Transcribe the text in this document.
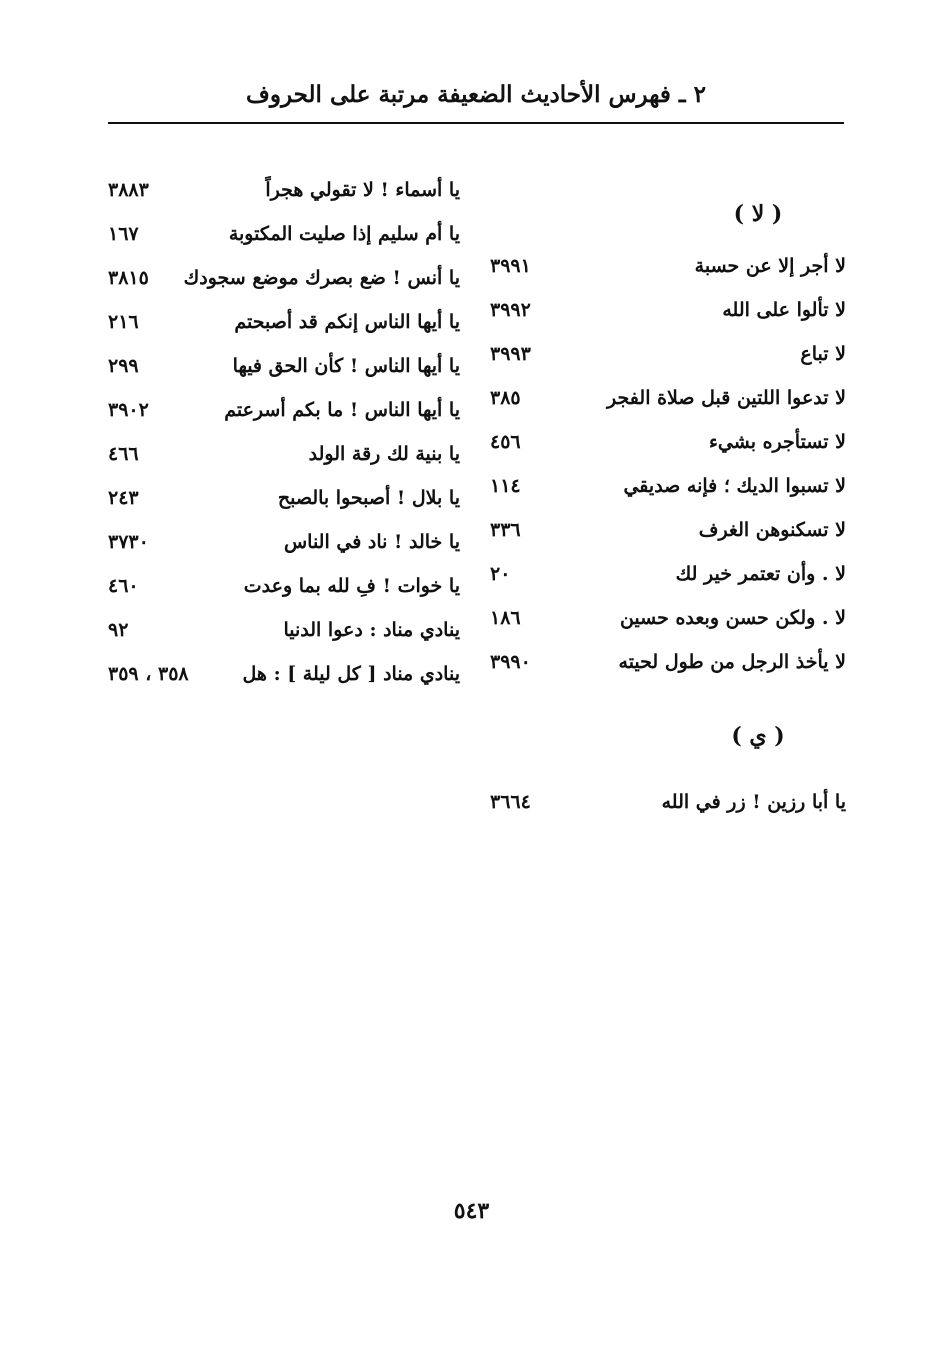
٢ ـ فهرس الأحاديث الضعيفة مرتبة على الحروف
( لا )
لا أجر إلا عن حسبة
٣٩٩١
لا تألوا على الله
٣٩٩٢
لا تباع
٣٩٩٣
لا تدعوا اللتين قبل صلاة الفجر
٣٨٥
لا تستأجره بشيء
٤٥٦
لا تسبوا الديك ؛ فإنه صديقي
١١٤
لا تسكنوهن الغرف
٣٣٦
لا . وأن تعتمر خير لك
٢٠
لا . ولكن حسن وبعده حسين
١٨٦
لا يأخذ الرجل من طول لحيته
٣٩٩٠
( ي )
يا أبا رزين ! زر في الله
٣٦٦٤
يا أسماء ! لا تقولي هجراً
٣٨٨٣
يا أم سليم إذا صليت المكتوبة
١٦٧
يا أنس ! ضع بصرك موضع سجودك
٣٨١٥
يا أيها الناس إنكم قد أصبحتم
٢١٦
يا أيها الناس ! كأن الحق فيها
٢٩٩
يا أيها الناس ! ما بكم أسرعتم
٣٩٠٢
يا بنية لك رقة الولد
٤٦٦
يا بلال ! أصبحوا بالصبح
٢٤٣
يا خالد ! ناد في الناس
٣٧٣٠
يا خوات ! فِ لله بما وعدت
٤٦٠
ينادي مناد : دعوا الدنيا
٩٢
ينادي مناد [ كل ليلة ] : هل
٣٥٨ ، ٣٥٩
٥٤٣
